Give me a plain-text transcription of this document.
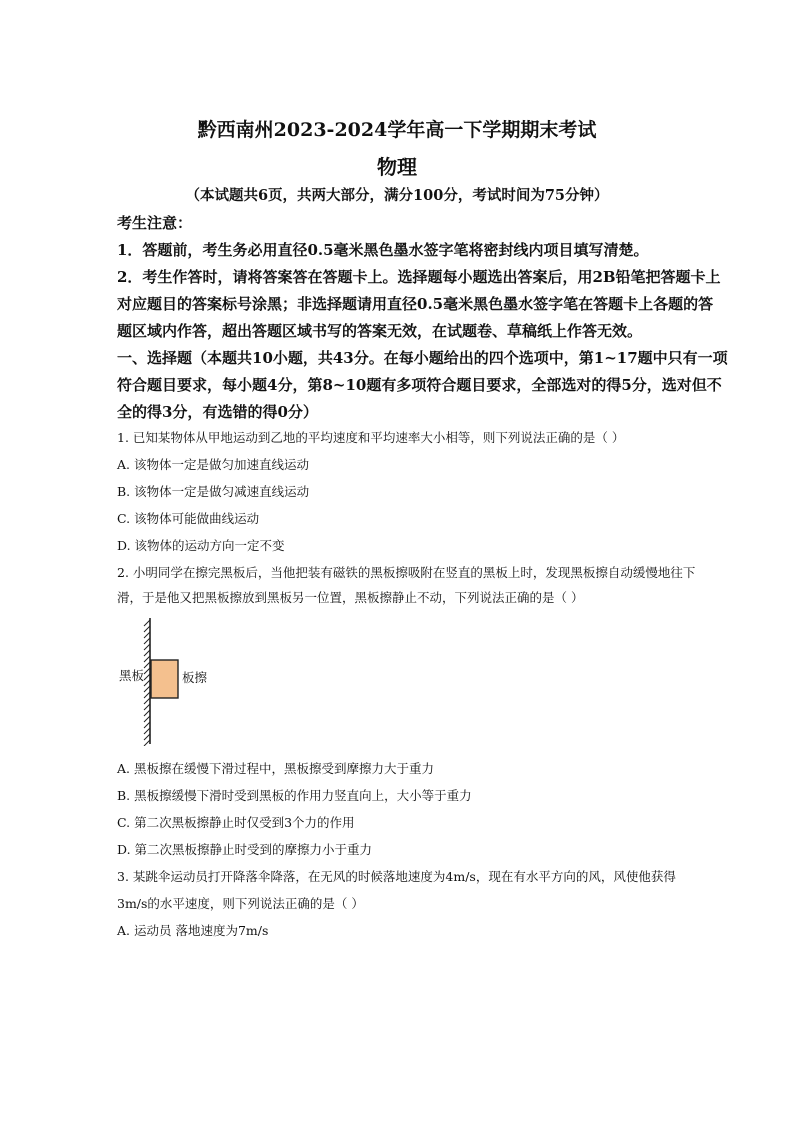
黔西南州2023-2024学年高一下学期期末考试
物理
（本试题共6页，共两大部分，满分100分，考试时间为75分钟）
考生注意：
1．答题前，考生务必用直径0.5毫米黑色墨水签字笔将密封线内项目填写清楚。
2．考生作答时，请将答案答在答题卡上。选择题每小题选出答案后，用2B铅笔把答题卡上
对应题目的答案标号涂黑；非选择题请用直径0.5毫米黑色墨水签字笔在答题卡上各题的答
题区域内作答，超出答题区域书写的答案无效，在试题卷、草稿纸上作答无效。
一、选择题（本题共10小题，共43分。在每小题给出的四个选项中，第1~17题中只有一项
符合题目要求，每小题4分，第8~10题有多项符合题目要求，全部选对的得5分，选对但不
全的得3分，有选错的得0分）
1. 已知某物体从甲地运动到乙地的平均速度和平均速率大小相等，则下列说法正确的是（ ）
A. 该物体一定是做匀加速直线运动
B. 该物体一定是做匀减速直线运动
C. 该物体可能做曲线运动
D. 该物体的运动方向一定不变
2. 小明同学在擦完黑板后，当他把装有磁铁的黑板擦吸附在竖直的黑板上时，发现黑板擦自动缓慢地往下
滑，于是他又把黑板擦放到黑板另一位置，黑板擦静止不动，下列说法正确的是（ ）
黑板	板擦
A. 黑板擦在缓慢下滑过程中，黑板擦受到摩擦力大于重力
B. 黑板擦缓慢下滑时受到黑板的作用力竖直向上，大小等于重力
C. 第二次黑板擦静止时仅受到3个力的作用
D. 第二次黑板擦静止时受到的摩擦力小于重力
3. 某跳伞运动员打开降落伞降落，在无风的时候落地速度为4m/s，现在有水平方向的风，风使他获得
3m/s的水平速度，则下列说法正确的是（ ）
A. 运动员 落地速度为7m/s
